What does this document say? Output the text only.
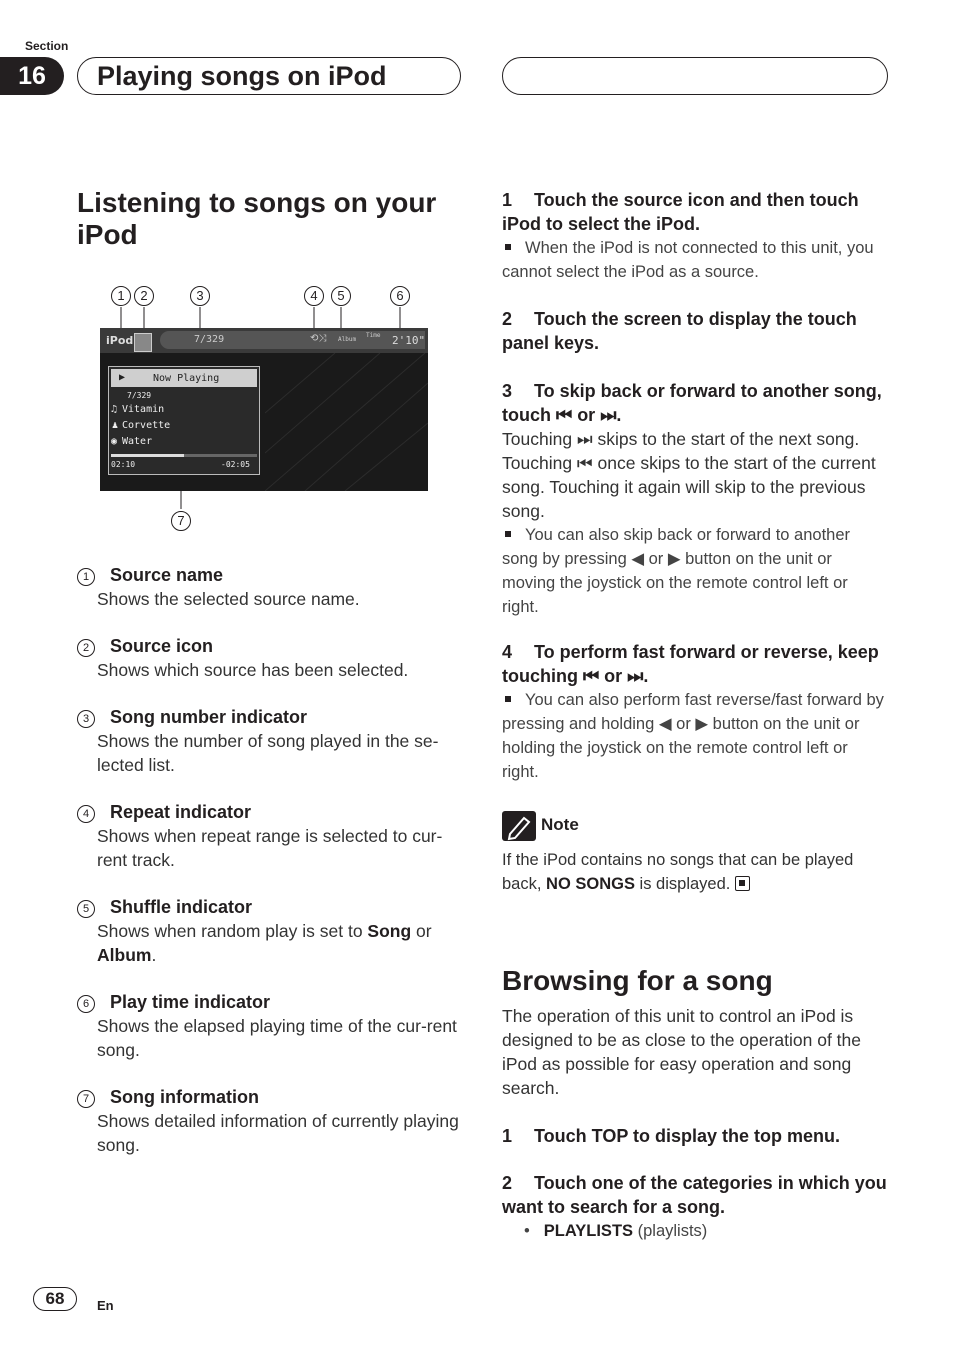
Section
16	Playing songs on iPod
Listening to songs on your iPod
1	2	3	4	5	6
7
iPod	7/329	⟲⤨ Album
Time 2'10"
▶	Now Playing
7/329
♫ Vitamin
♟ Corvette
◉ Water
02:10	-02:05
1 Source name
Shows the selected source name.
2 Source icon
Shows which source has been selected.
3 Song number indicator
Shows the number of song played in the se-lected list.
4 Repeat indicator
Shows when repeat range is selected to cur-rent track.
5 Shuffle indicator
Shows when random play is set to Song or Album.
6 Play time indicator
Shows the elapsed playing time of the cur-rent song.
7 Song information
Shows detailed information of currently playing song.
1 Touch the source icon and then touch iPod to select the iPod.
When the iPod is not connected to this unit, you cannot select the iPod as a source.
2 Touch the screen to display the touch panel keys.
3 To skip back or forward to another song, touch ⏮ or ⏭.
Touching ⏭ skips to the start of the next song. Touching ⏮ once skips to the start of the current song. Touching it again will skip to the previous song.
You can also skip back or forward to another song by pressing ◀ or ▶ button on the unit or moving the joystick on the remote control left or right.
4 To perform fast forward or reverse, keep touching ⏮ or ⏭.
You can also perform fast reverse/fast forward by pressing and holding ◀ or ▶ button on the unit or holding the joystick on the remote control left or right.
Note
If the iPod contains no songs that can be played back, NO SONGS is displayed.
Browsing for a song
The operation of this unit to control an iPod is designed to be as close to the operation of the iPod as possible for easy operation and song search.
1 Touch TOP to display the top menu.
2 Touch one of the categories in which you want to search for a song.
• PLAYLISTS (playlists)
68	En
